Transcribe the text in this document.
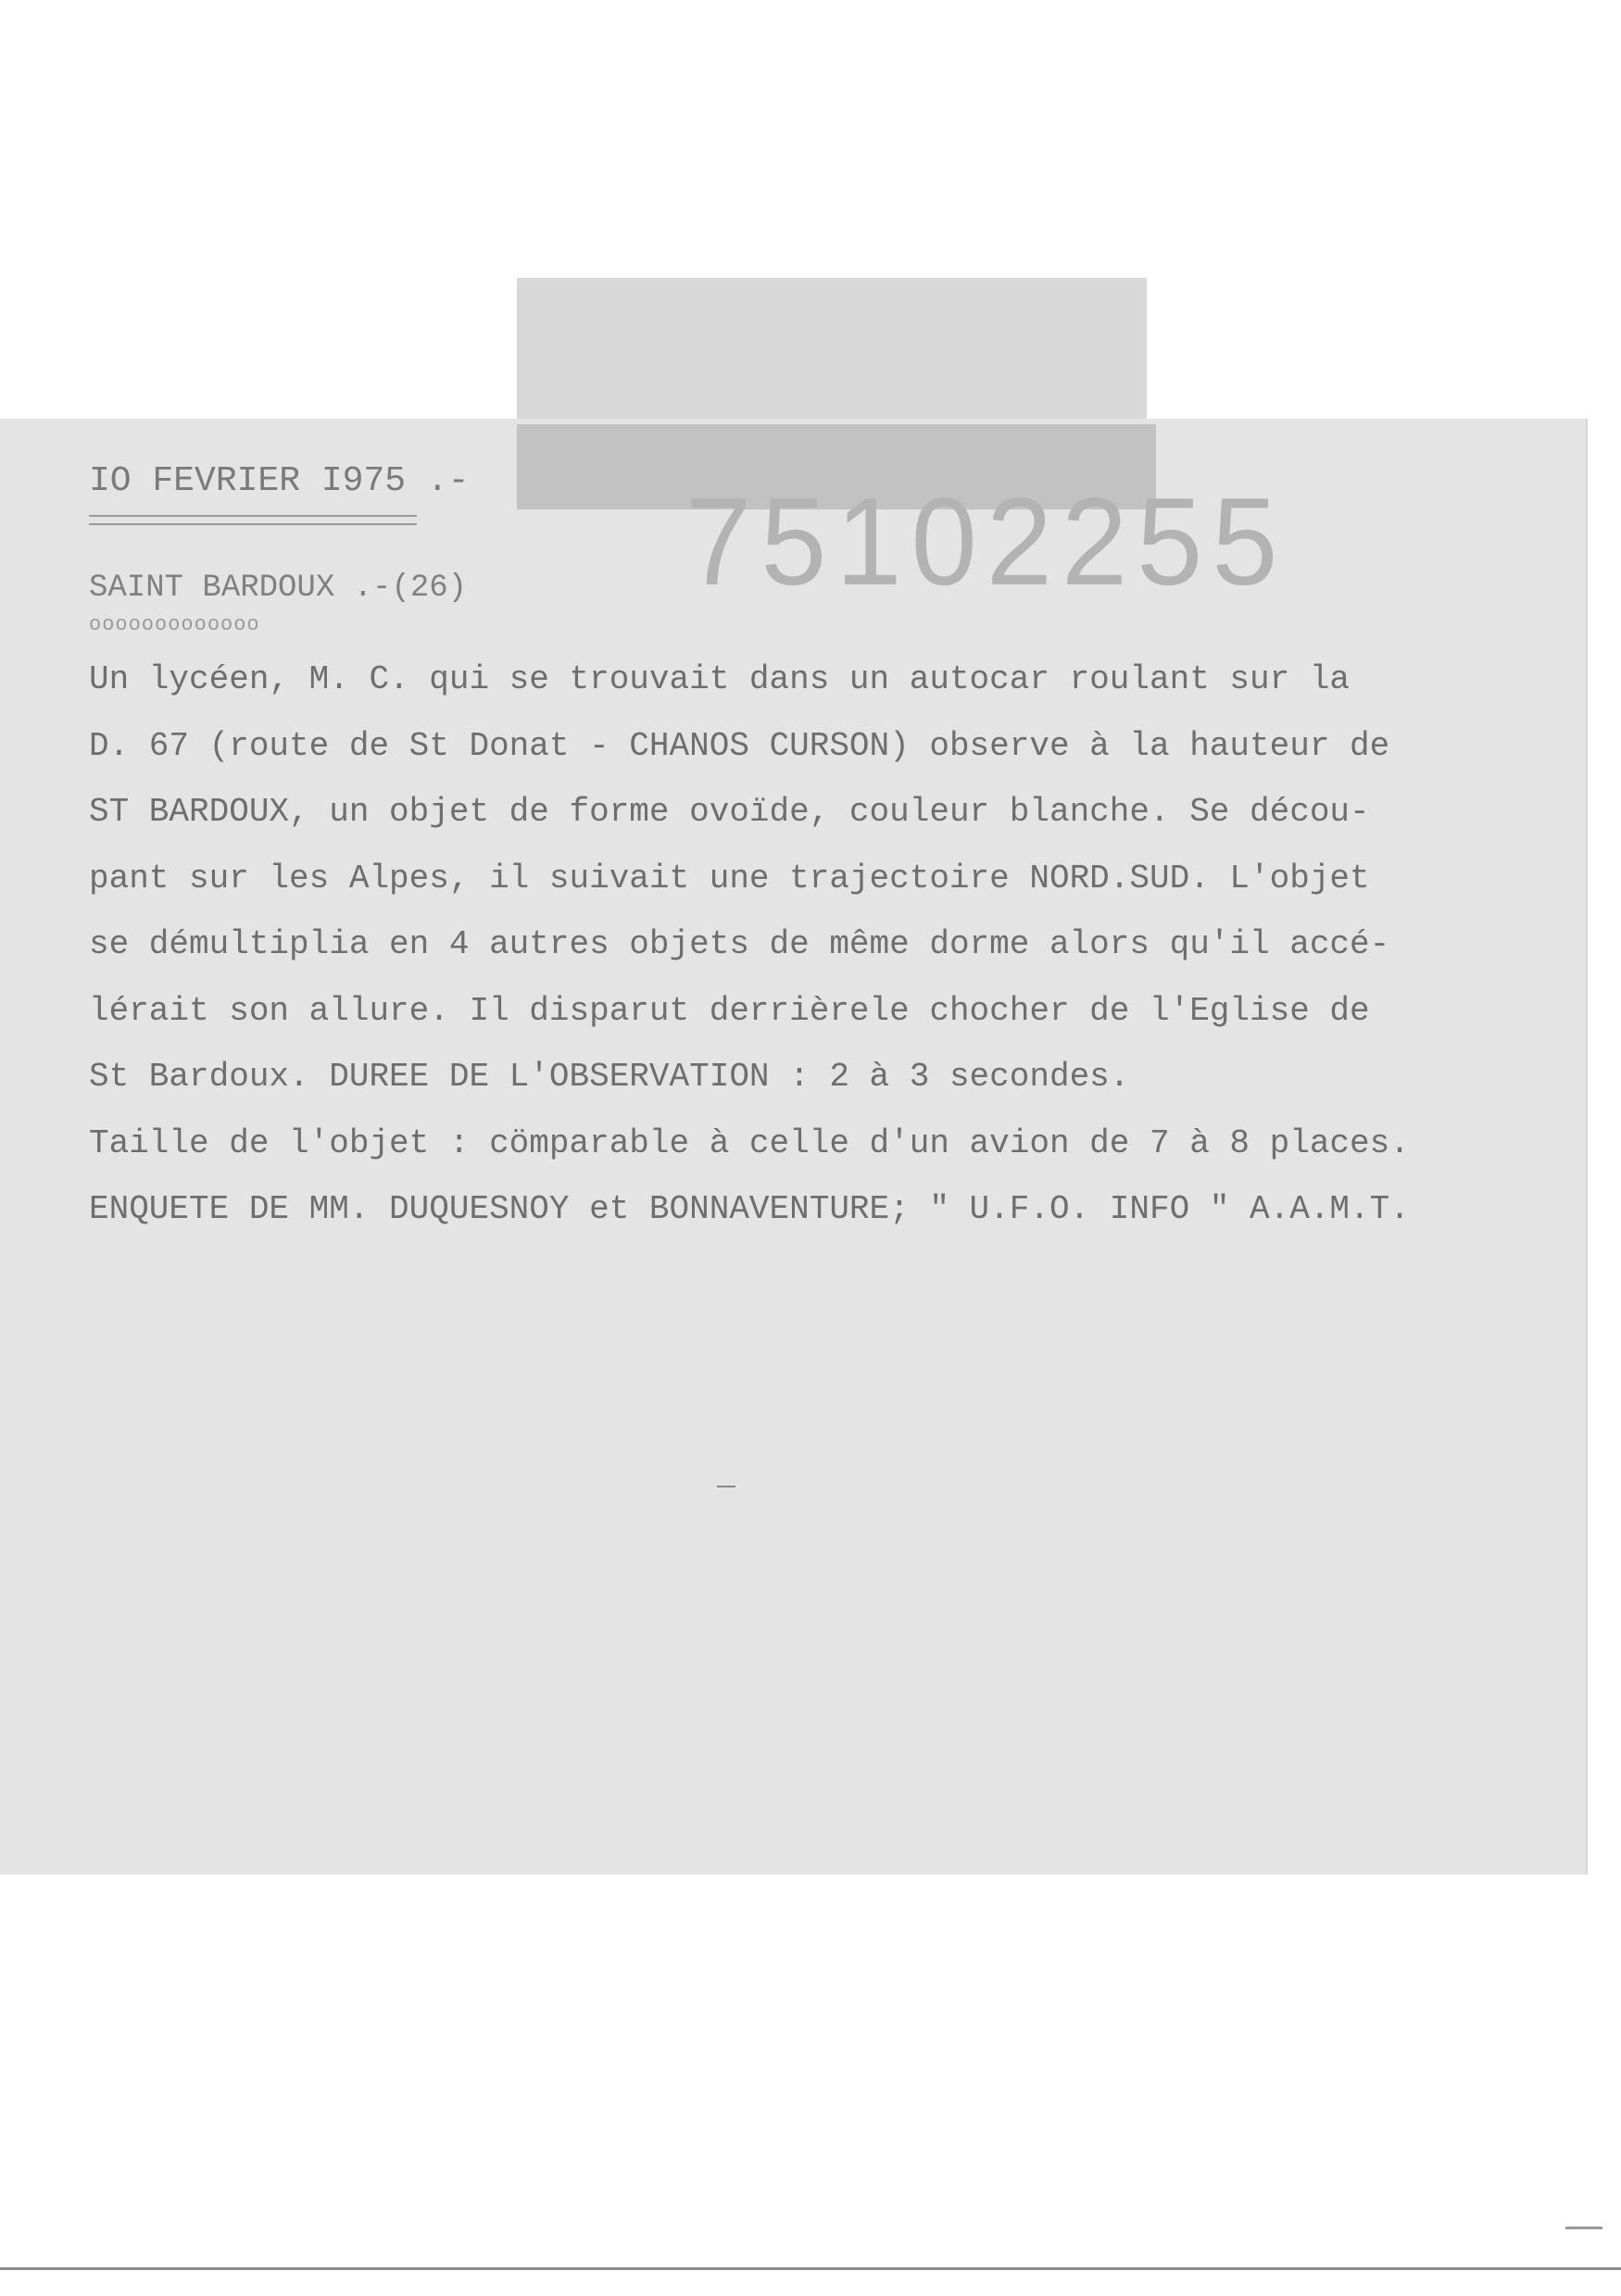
75102255
IO FEVRIER I975 .-
SAINT BARDOUX .-(26)
ooooooooooooo
Un lycéen, M. C. qui se trouvait dans un autocar roulant sur la
D. 67 (route de St Donat - CHANOS CURSON) observe à la hauteur de
ST BARDOUX, un objet de forme ovoïde, couleur blanche. Se décou-
pant sur les Alpes, il suivait une trajectoire NORD.SUD. L'objet
se démultiplia en 4 autres objets de même dorme alors qu'il accé-
lérait son allure. Il disparut derrièrele chocher de l'Eglise de
St Bardoux. DUREE DE L'OBSERVATION : 2 à 3 secondes.
Taille de l'objet : cömparable à celle d'un avion de 7 à 8 places.
ENQUETE DE MM. DUQUESNOY et BONNAVENTURE; " U.F.O. INFO " A.A.M.T.
